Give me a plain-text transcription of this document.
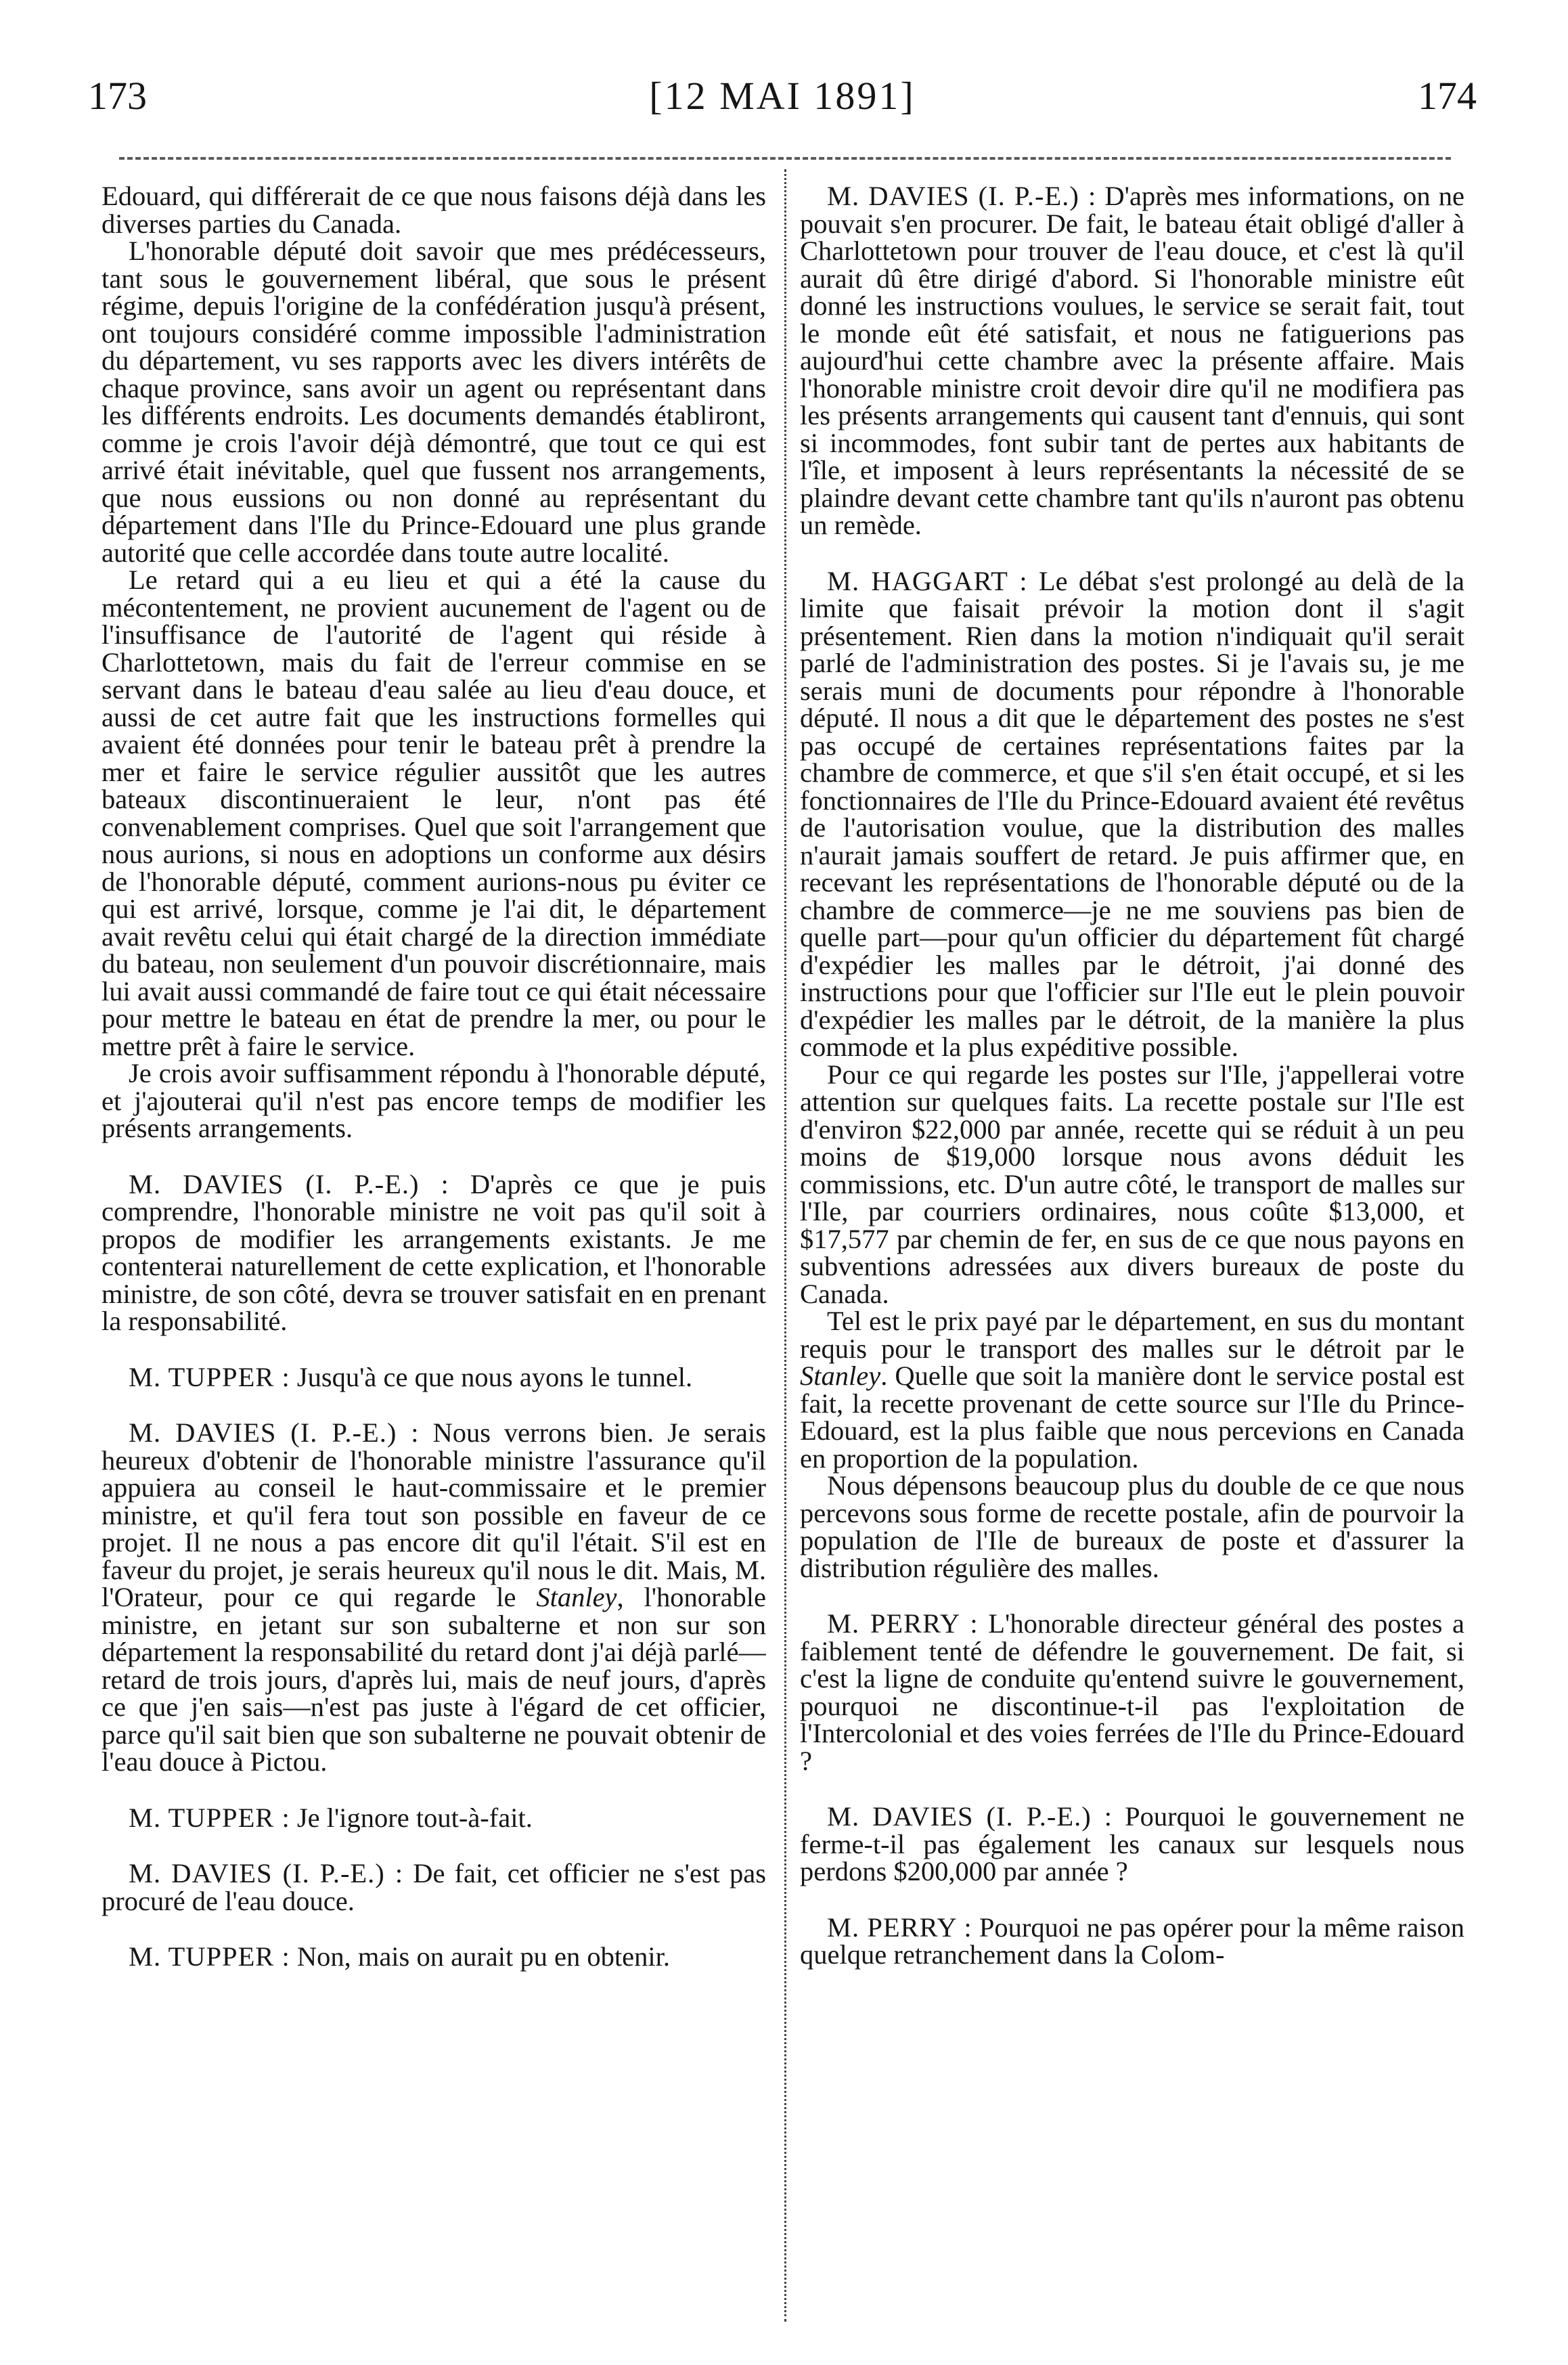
173	[12 MAI 1891]	174

Edouard, qui différerait de ce que nous faisons déjà dans les diverses parties du Canada.

L'honorable député doit savoir que mes prédécesseurs, tant sous le gouvernement libéral, que sous le présent régime, depuis l'origine de la confédération jusqu'à présent, ont toujours considéré comme impossible l'administration du département, vu ses rapports avec les divers intérêts de chaque province, sans avoir un agent ou représentant dans les différents endroits. Les documents demandés établiront, comme je crois l'avoir déjà démontré, que tout ce qui est arrivé était inévitable, quel que fussent nos arrangements, que nous eussions ou non donné au représentant du département dans l'Ile du Prince-Edouard une plus grande autorité que celle accordée dans toute autre localité.

Le retard qui a eu lieu et qui a été la cause du mécontentement, ne provient aucunement de l'agent ou de l'insuffisance de l'autorité de l'agent qui réside à Charlottetown, mais du fait de l'erreur commise en se servant dans le bateau d'eau salée au lieu d'eau douce, et aussi de cet autre fait que les instructions formelles qui avaient été données pour tenir le bateau prêt à prendre la mer et faire le service régulier aussitôt que les autres bateaux discontinueraient le leur, n'ont pas été convenablement comprises. Quel que soit l'arrangement que nous aurions, si nous en adoptions un conforme aux désirs de l'honorable député, comment aurions-nous pu éviter ce qui est arrivé, lorsque, comme je l'ai dit, le département avait revêtu celui qui était chargé de la direction immédiate du bateau, non seulement d'un pouvoir discrétionnaire, mais lui avait aussi commandé de faire tout ce qui était nécessaire pour mettre le bateau en état de prendre la mer, ou pour le mettre prêt à faire le service.

Je crois avoir suffisamment répondu à l'honorable député, et j'ajouterai qu'il n'est pas encore temps de modifier les présents arrangements.

M. DAVIES (I. P.-E.) : D'après ce que je puis comprendre, l'honorable ministre ne voit pas qu'il soit à propos de modifier les arrangements existants. Je me contenterai naturellement de cette explication, et l'honorable ministre, de son côté, devra se trouver satisfait en en prenant la responsabilité.

M. TUPPER : Jusqu'à ce que nous ayons le tunnel.

M. DAVIES (I. P.-E.) : Nous verrons bien. Je serais heureux d'obtenir de l'honorable ministre l'assurance qu'il appuiera au conseil le haut-commissaire et le premier ministre, et qu'il fera tout son possible en faveur de ce projet. Il ne nous a pas encore dit qu'il l'était. S'il est en faveur du projet, je serais heureux qu'il nous le dit. Mais, M. l'Orateur, pour ce qui regarde le Stanley, l'honorable ministre, en jetant sur son subalterne et non sur son département la responsabilité du retard dont j'ai déjà parlé—retard de trois jours, d'après lui, mais de neuf jours, d'après ce que j'en sais—n'est pas juste à l'égard de cet officier, parce qu'il sait bien que son subalterne ne pouvait obtenir de l'eau douce à Pictou.

M. TUPPER : Je l'ignore tout-à-fait.

M. DAVIES (I. P.-E.) : De fait, cet officier ne s'est pas procuré de l'eau douce.

M. TUPPER : Non, mais on aurait pu en obtenir.

M. DAVIES (I. P.-E.) : D'après mes informations, on ne pouvait s'en procurer. De fait, le bateau était obligé d'aller à Charlottetown pour trouver de l'eau douce, et c'est là qu'il aurait dû être dirigé d'abord. Si l'honorable ministre eût donné les instructions voulues, le service se serait fait, tout le monde eût été satisfait, et nous ne fatiguerions pas aujourd'hui cette chambre avec la présente affaire. Mais l'honorable ministre croit devoir dire qu'il ne modifiera pas les présents arrangements qui causent tant d'ennuis, qui sont si incommodes, font subir tant de pertes aux habitants de l'île, et imposent à leurs représentants la nécessité de se plaindre devant cette chambre tant qu'ils n'auront pas obtenu un remède.

M. HAGGART : Le débat s'est prolongé au delà de la limite que faisait prévoir la motion dont il s'agit présentement. Rien dans la motion n'indiquait qu'il serait parlé de l'administration des postes. Si je l'avais su, je me serais muni de documents pour répondre à l'honorable député. Il nous a dit que le département des postes ne s'est pas occupé de certaines représentations faites par la chambre de commerce, et que s'il s'en était occupé, et si les fonctionnaires de l'Ile du Prince-Edouard avaient été revêtus de l'autorisation voulue, que la distribution des malles n'aurait jamais souffert de retard. Je puis affirmer que, en recevant les représentations de l'honorable député ou de la chambre de commerce—je ne me souviens pas bien de quelle part—pour qu'un officier du département fût chargé d'expédier les malles par le détroit, j'ai donné des instructions pour que l'officier sur l'Ile eut le plein pouvoir d'expédier les malles par le détroit, de la manière la plus commode et la plus expéditive possible.

Pour ce qui regarde les postes sur l'Ile, j'appellerai votre attention sur quelques faits. La recette postale sur l'Ile est d'environ $22,000 par année, recette qui se réduit à un peu moins de $19,000 lorsque nous avons déduit les commissions, etc. D'un autre côté, le transport de malles sur l'Ile, par courriers ordinaires, nous coûte $13,000, et $17,577 par chemin de fer, en sus de ce que nous payons en subventions adressées aux divers bureaux de poste du Canada.

Tel est le prix payé par le département, en sus du montant requis pour le transport des malles sur le détroit par le Stanley. Quelle que soit la manière dont le service postal est fait, la recette provenant de cette source sur l'Ile du Prince-Edouard, est la plus faible que nous percevions en Canada en proportion de la population.

Nous dépensons beaucoup plus du double de ce que nous percevons sous forme de recette postale, afin de pourvoir la population de l'Ile de bureaux de poste et d'assurer la distribution régulière des malles.

M. PERRY : L'honorable directeur général des postes a faiblement tenté de défendre le gouvernement. De fait, si c'est la ligne de conduite qu'entend suivre le gouvernement, pourquoi ne discontinue-t-il pas l'exploitation de l'Intercolonial et des voies ferrées de l'Ile du Prince-Edouard ?

M. DAVIES (I. P.-E.) : Pourquoi le gouvernement ne ferme-t-il pas également les canaux sur lesquels nous perdons $200,000 par année ?

M. PERRY : Pourquoi ne pas opérer pour la même raison quelque retranchement dans la Colom-
